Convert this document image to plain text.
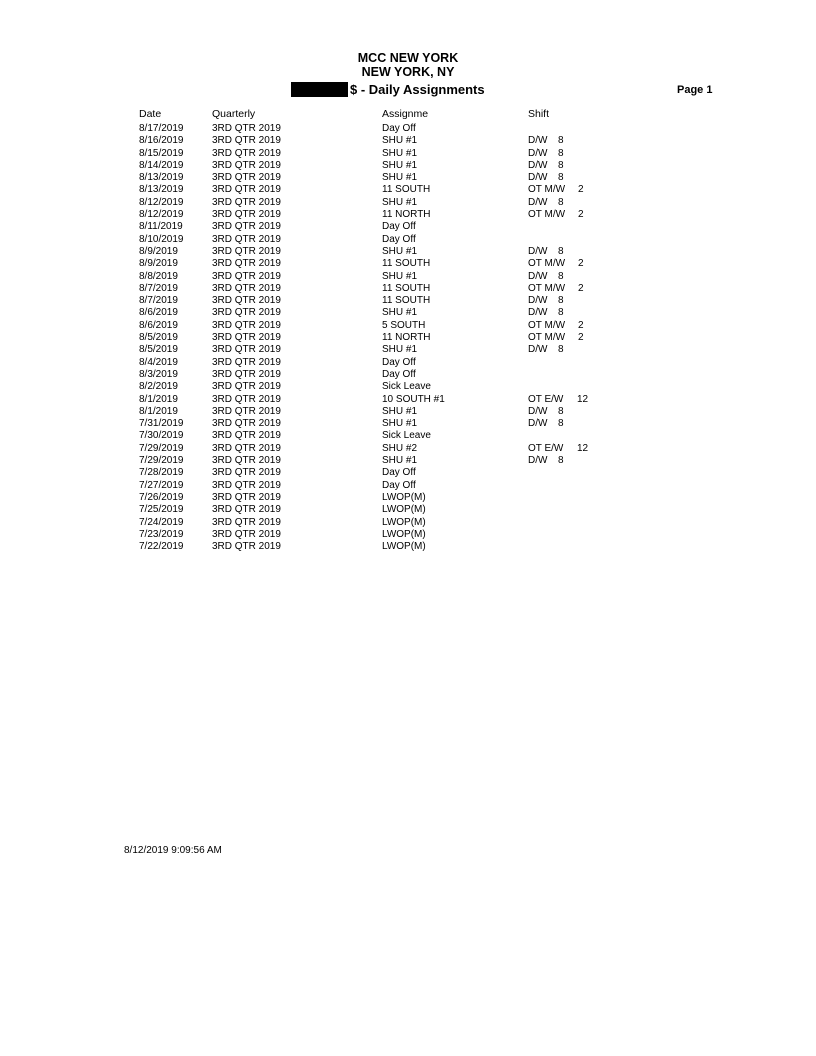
MCC NEW YORK
NEW YORK, NY
$ - Daily Assignments	Page 1
Date	Quarterly	Assignme	Shift
8/17/2019	3RD QTR 2019	Day Off
8/16/2019	3RD QTR 2019	SHU #1	D/W 8
8/15/2019	3RD QTR 2019	SHU #1	D/W 8
8/14/2019	3RD QTR 2019	SHU #1	D/W 8
8/13/2019	3RD QTR 2019	SHU #1	D/W 8
8/13/2019	3RD QTR 2019	11 SOUTH	OT M/W 2
8/12/2019	3RD QTR 2019	SHU #1	D/W 8
8/12/2019	3RD QTR 2019	11 NORTH	OT M/W 2
8/11/2019	3RD QTR 2019	Day Off
8/10/2019	3RD QTR 2019	Day Off
8/9/2019	3RD QTR 2019	SHU #1	D/W 8
8/9/2019	3RD QTR 2019	11 SOUTH	OT M/W 2
8/8/2019	3RD QTR 2019	SHU #1	D/W 8
8/7/2019	3RD QTR 2019	11 SOUTH	OT M/W 2
8/7/2019	3RD QTR 2019	11 SOUTH	D/W 8
8/6/2019	3RD QTR 2019	SHU #1	D/W 8
8/6/2019	3RD QTR 2019	5 SOUTH	OT M/W 2
8/5/2019	3RD QTR 2019	11 NORTH	OT M/W 2
8/5/2019	3RD QTR 2019	SHU #1	D/W 8
8/4/2019	3RD QTR 2019	Day Off
8/3/2019	3RD QTR 2019	Day Off
8/2/2019	3RD QTR 2019	Sick Leave
8/1/2019	3RD QTR 2019	10 SOUTH #1	OT E/W 12
8/1/2019	3RD QTR 2019	SHU #1	D/W 8
7/31/2019	3RD QTR 2019	SHU #1	D/W 8
7/30/2019	3RD QTR 2019	Sick Leave
7/29/2019	3RD QTR 2019	SHU #2	OT E/W 12
7/29/2019	3RD QTR 2019	SHU #1	D/W 8
7/28/2019	3RD QTR 2019	Day Off
7/27/2019	3RD QTR 2019	Day Off
7/26/2019	3RD QTR 2019	LWOP(M)
7/25/2019	3RD QTR 2019	LWOP(M)
7/24/2019	3RD QTR 2019	LWOP(M)
7/23/2019	3RD QTR 2019	LWOP(M)
7/22/2019	3RD QTR 2019	LWOP(M)
8/12/2019 9:09:56 AM
